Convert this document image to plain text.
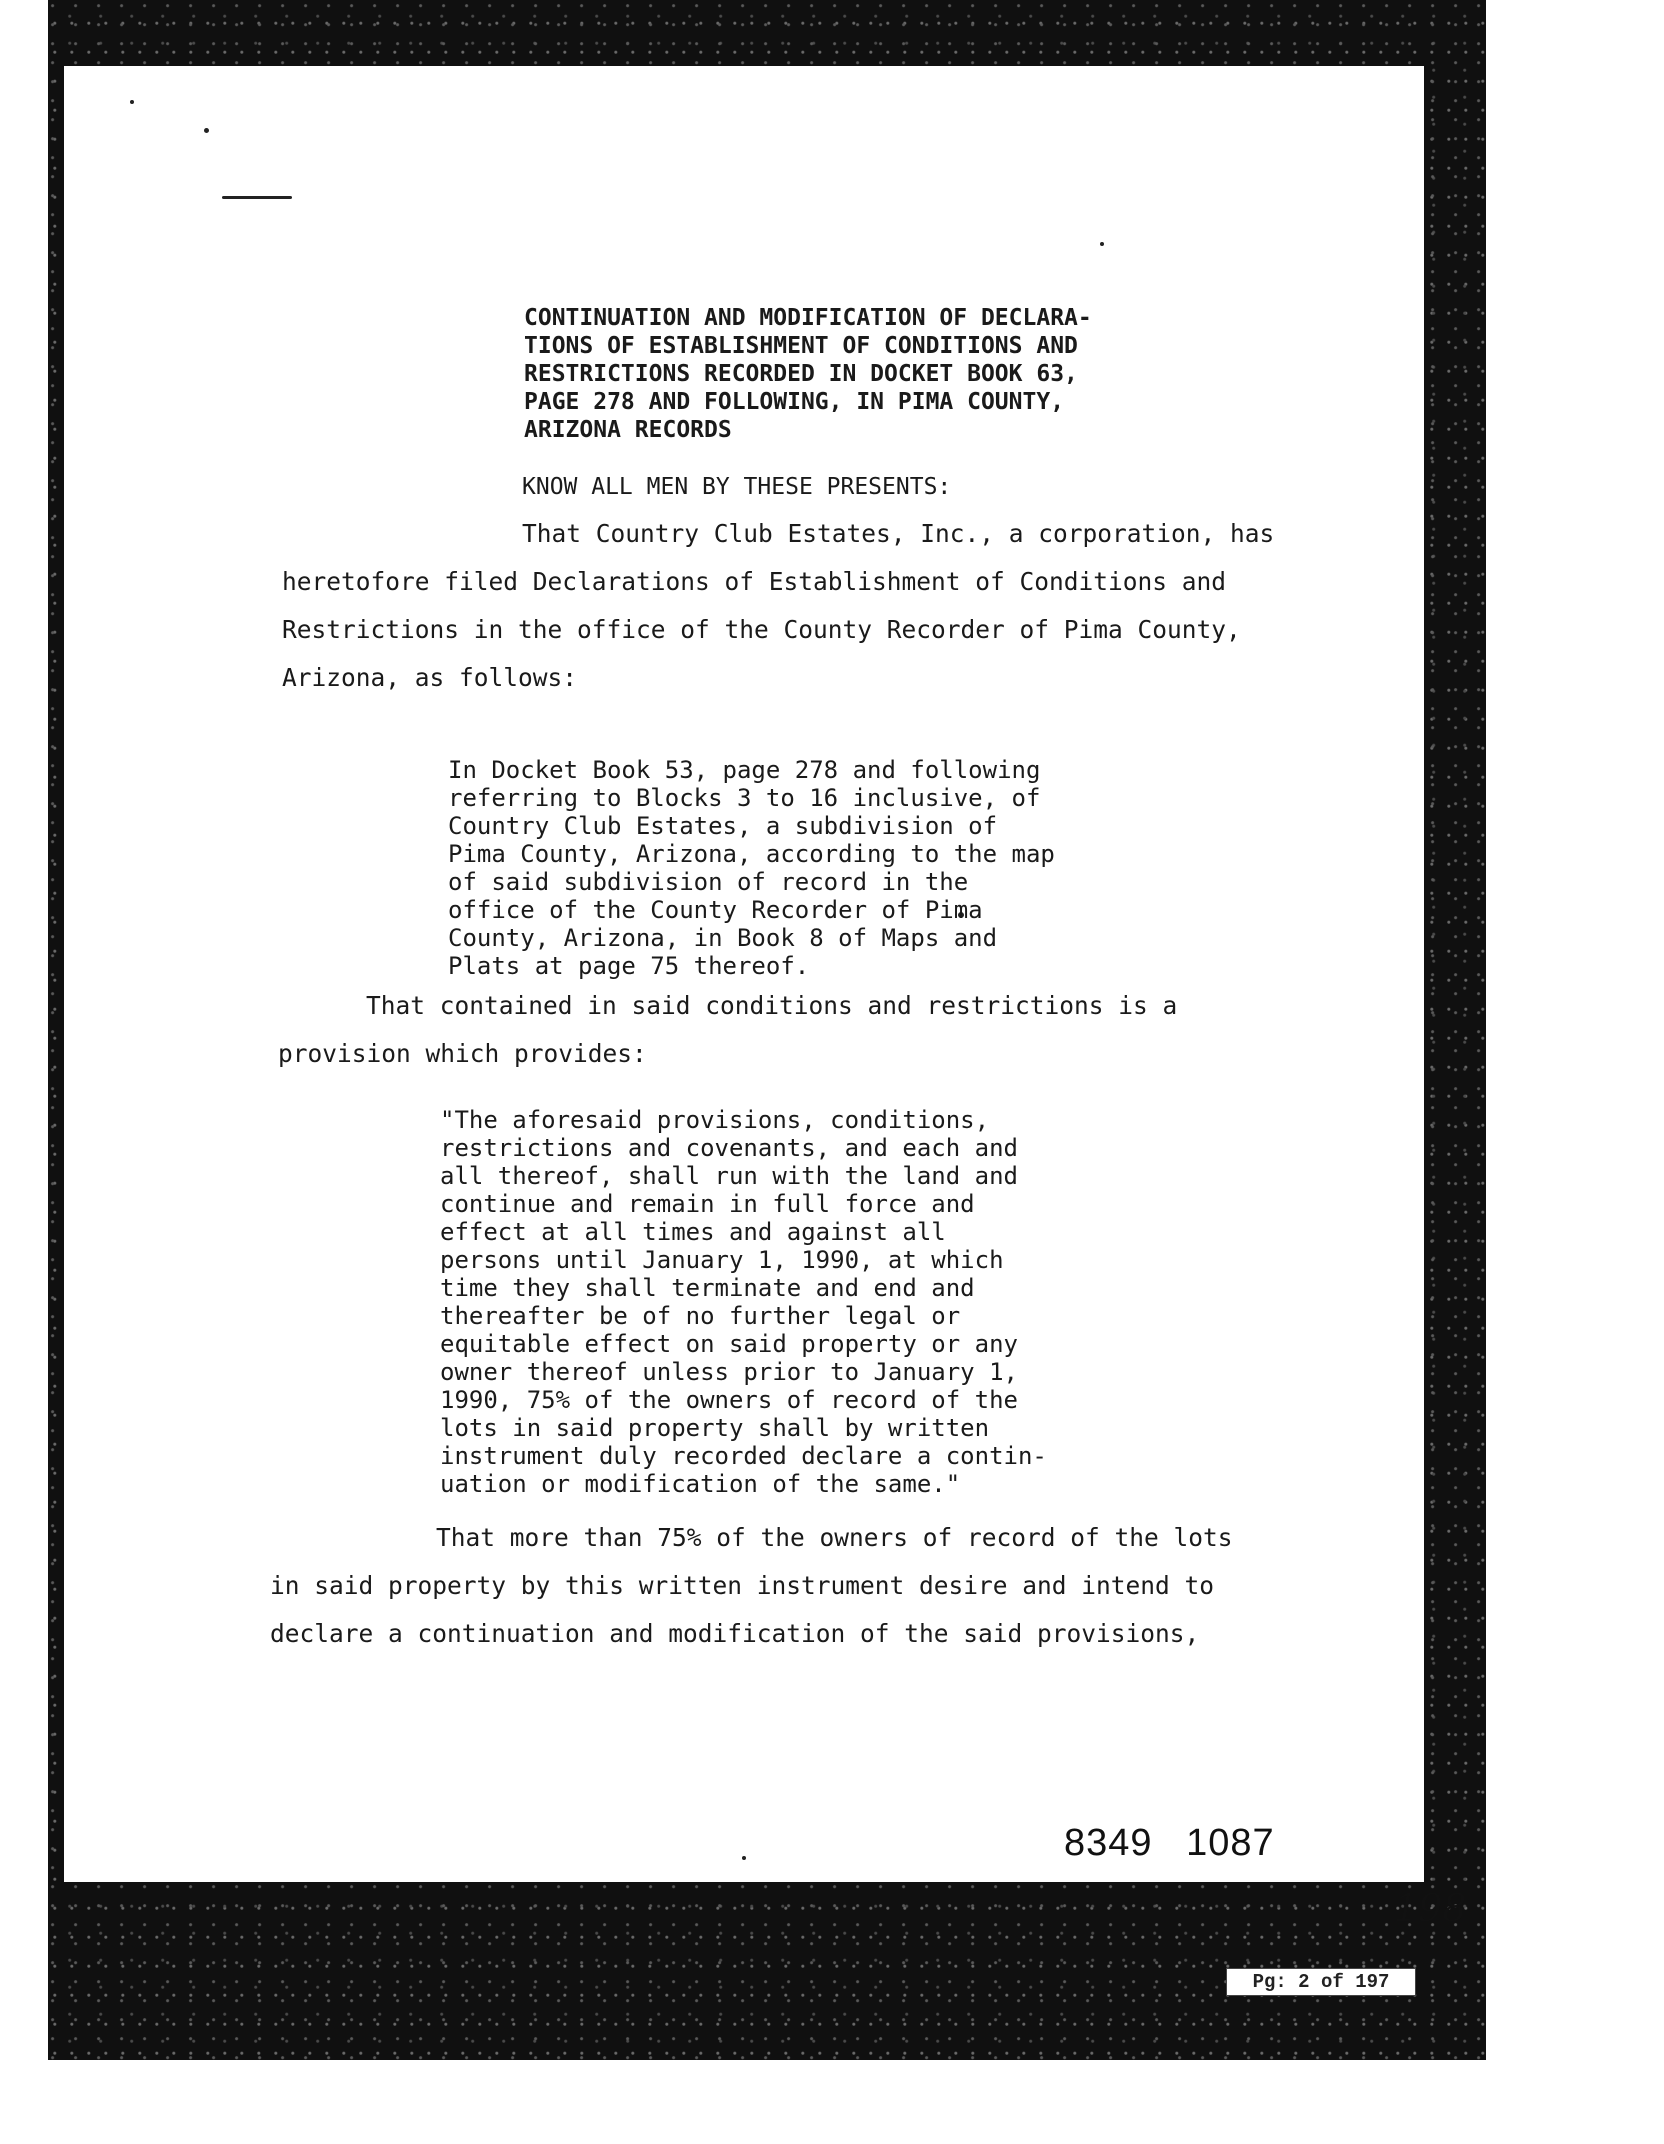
CONTINUATION AND MODIFICATION OF DECLARA-
TIONS OF ESTABLISHMENT OF CONDITIONS AND
RESTRICTIONS RECORDED IN DOCKET BOOK 63,
PAGE 278 AND FOLLOWING, IN PIMA COUNTY,
ARIZONA RECORDS

KNOW ALL MEN BY THESE PRESENTS:

That Country Club Estates, Inc., a corporation, has
heretofore filed Declarations of Establishment of Conditions and
Restrictions in the office of the County Recorder of Pima County,
Arizona, as follows:

In Docket Book 53, page 278 and following
referring to Blocks 3 to 16 inclusive, of
Country Club Estates, a subdivision of
Pima County, Arizona, according to the map
of said subdivision of record in the
office of the County Recorder of Pima
County, Arizona, in Book 8 of Maps and
Plats at page 75 thereof.

That contained in said conditions and restrictions is a
provision which provides:

"The aforesaid provisions, conditions,
restrictions and covenants, and each and
all thereof, shall run with the land and
continue and remain in full force and
effect at all times and against all
persons until January 1, 1990, at which
time they shall terminate and end and
thereafter be of no further legal or
equitable effect on said property or any
owner thereof unless prior to January 1,
1990, 75% of the owners of record of the
lots in said property shall by written
instrument duly recorded declare a contin-
uation or modification of the same."

That more than 75% of the owners of record of the lots
in said property by this written instrument desire and intend to
declare a continuation and modification of the said provisions,

8349 1087
198
Pg: 2 of 197
